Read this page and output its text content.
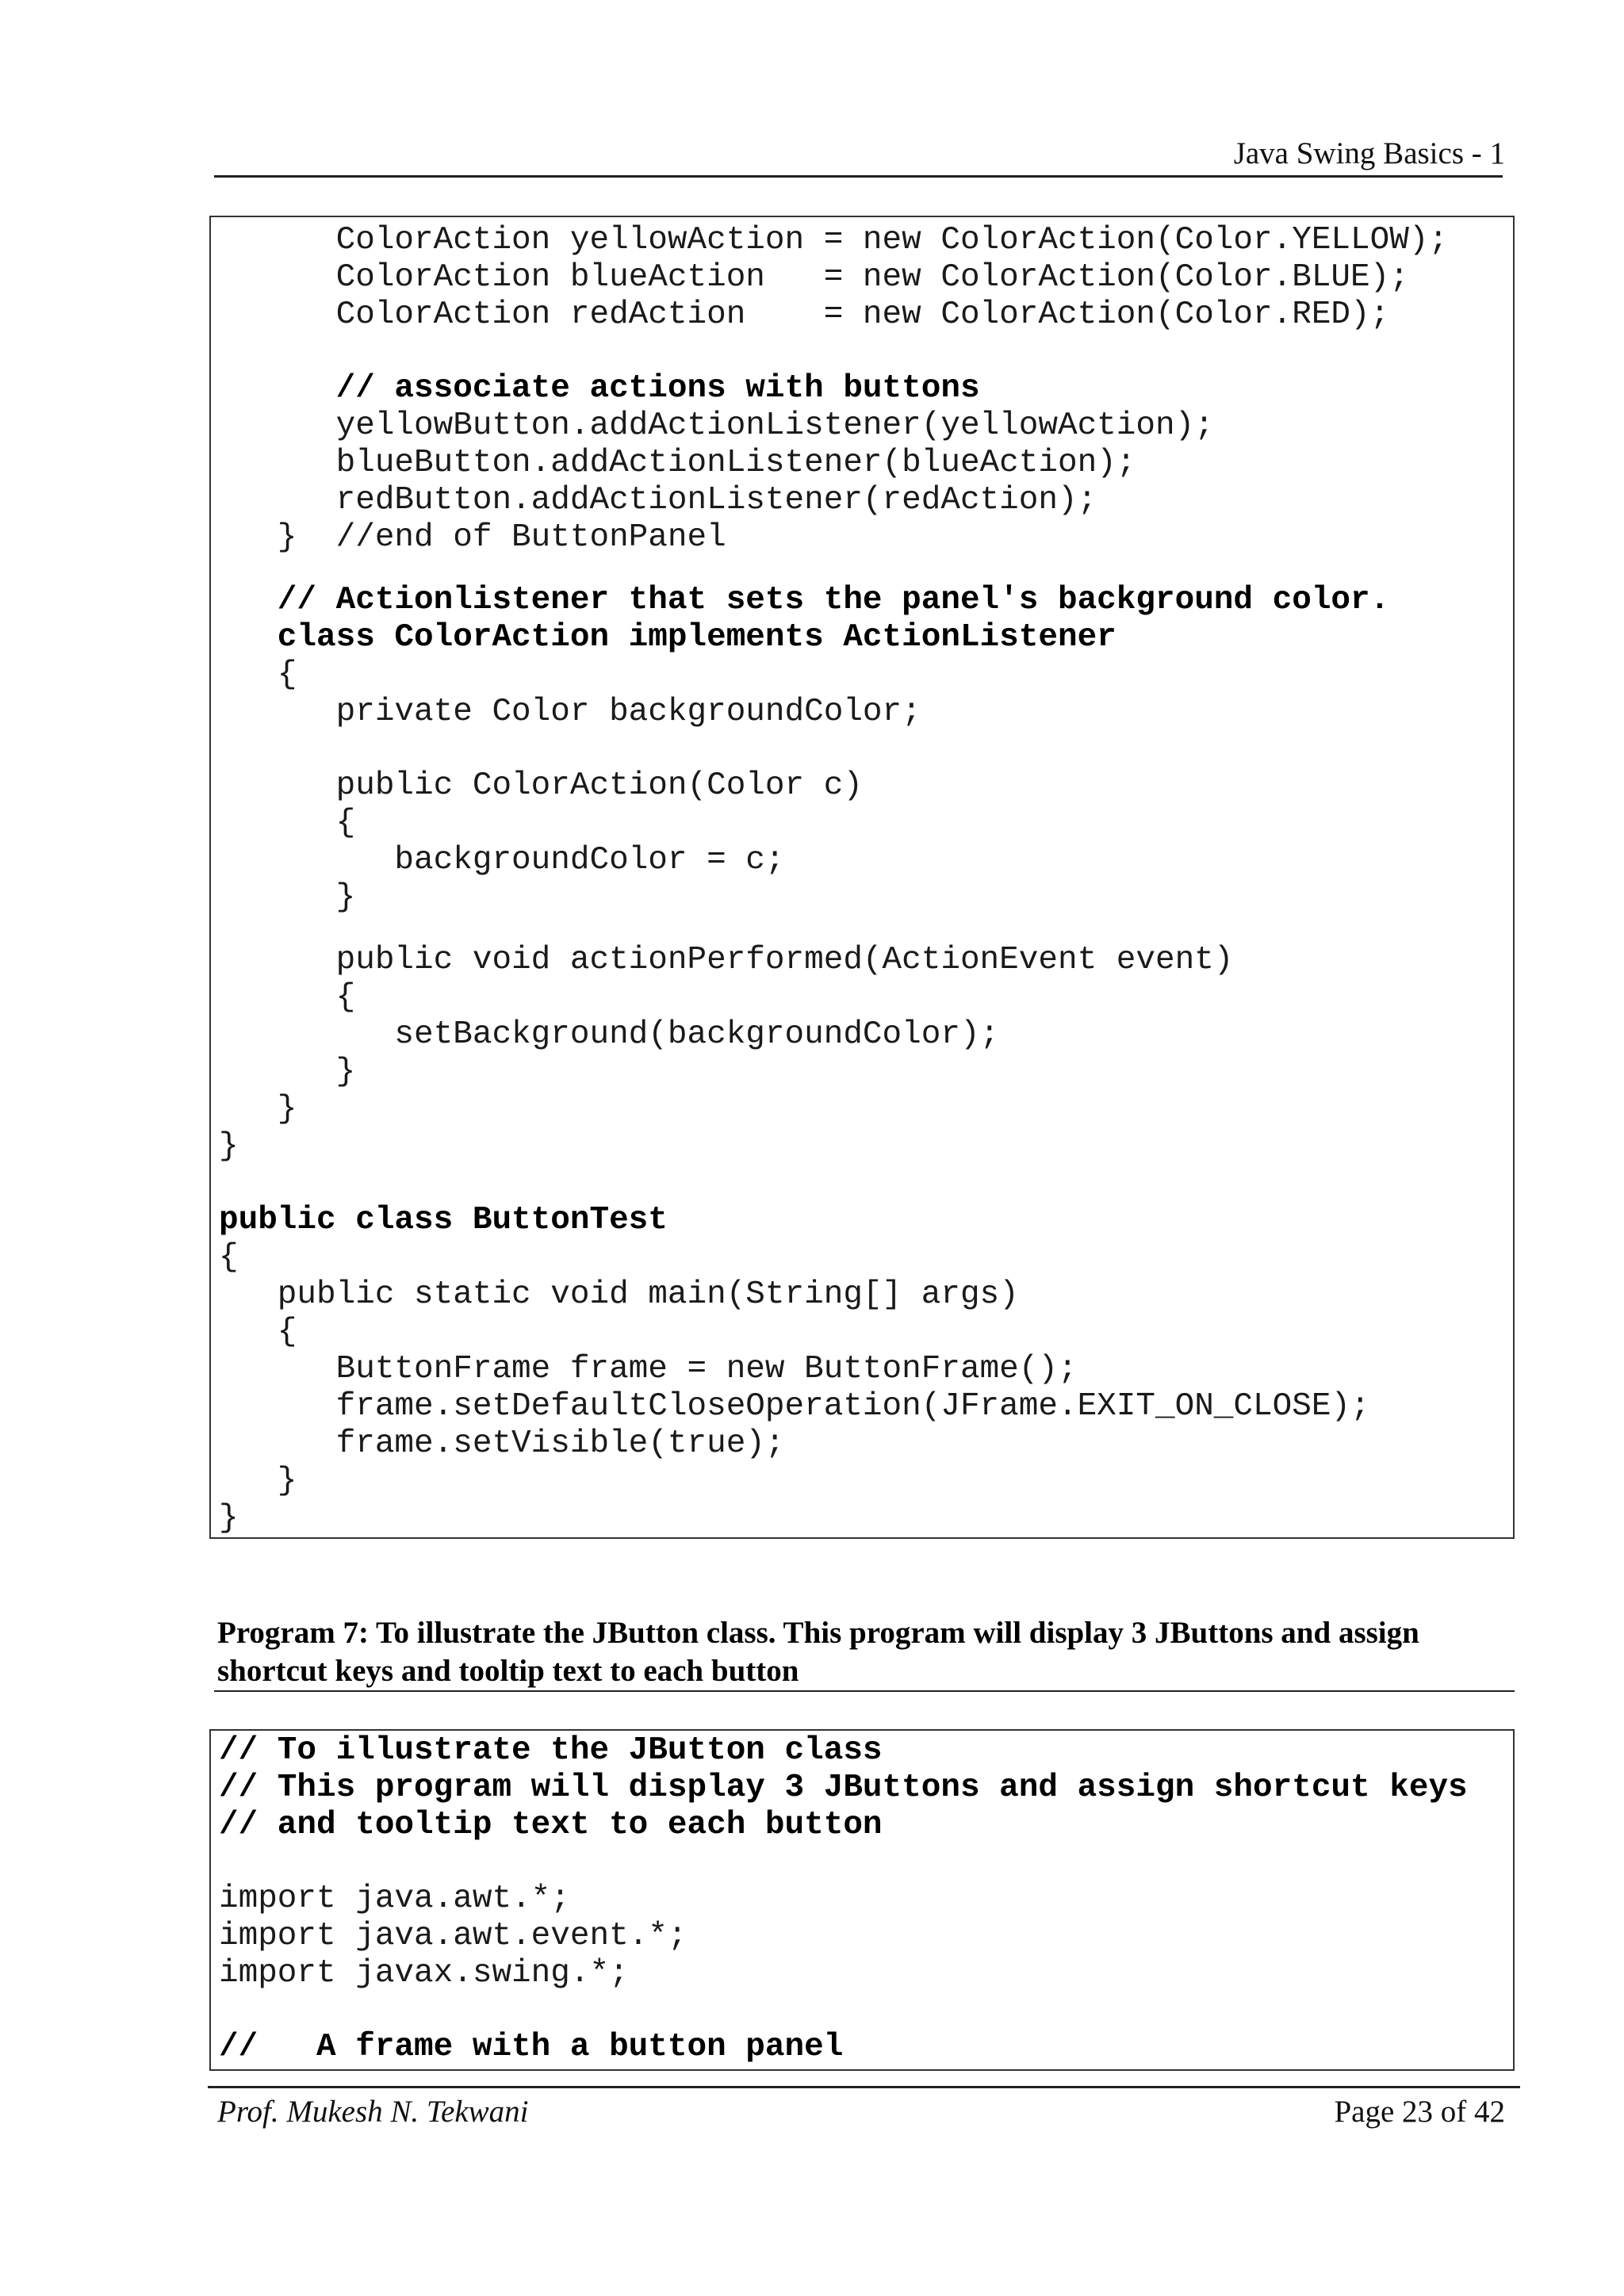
Java Swing Basics - 1
ColorAction yellowAction = new ColorAction(Color.YELLOW);
ColorAction blueAction   = new ColorAction(Color.BLUE);
ColorAction redAction    = new ColorAction(Color.RED);
// associate actions with buttons
yellowButton.addActionListener(yellowAction);
blueButton.addActionListener(blueAction);
redButton.addActionListener(redAction);
}  //end of ButtonPanel
// Actionlistener that sets the panel's background color.
class ColorAction implements ActionListener
{
private Color backgroundColor;
public ColorAction(Color c)
{
backgroundColor = c;
}
public void actionPerformed(ActionEvent event)
{
setBackground(backgroundColor);
}
}
}
public class ButtonTest
{
public static void main(String[] args)
{
ButtonFrame frame = new ButtonFrame();
frame.setDefaultCloseOperation(JFrame.EXIT_ON_CLOSE);
frame.setVisible(true);
}
}
Program 7: To illustrate the JButton class. This program will display 3 JButtons and assign shortcut keys and tooltip text to each button
// To illustrate the JButton class
// This program will display 3 JButtons and assign shortcut keys
// and tooltip text to each button
import java.awt.*;
import java.awt.event.*;
import javax.swing.*;
//   A frame with a button panel
Prof. Mukesh N. Tekwani	Page 23 of 42
